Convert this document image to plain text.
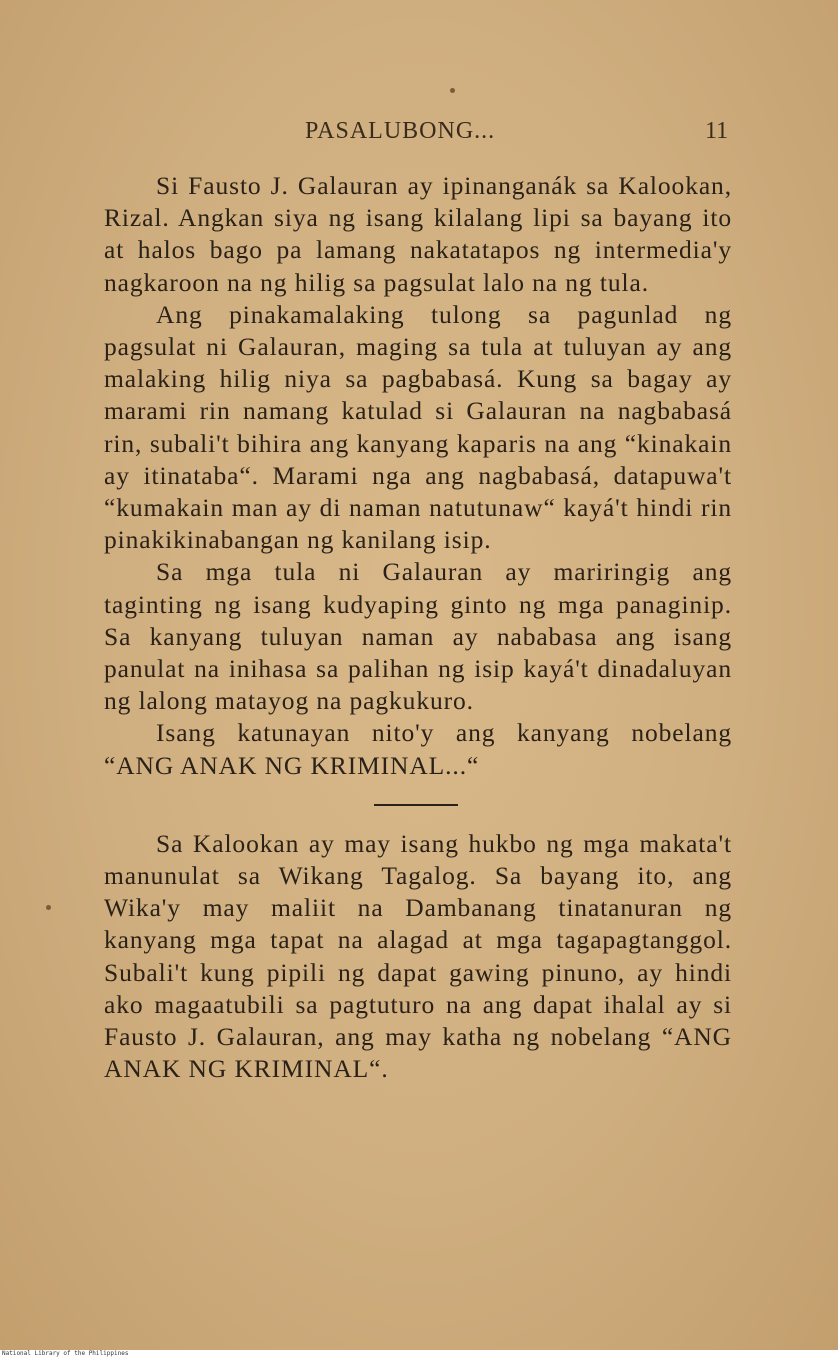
PASALUBONG...	11

Si Fausto J. Galauran ay ipinanganák sa Kalookan, Rizal. Angkan siya ng isang kilalang lipi sa bayang ito at halos bago pa lamang nakatatapos ng intermedia'y nagkaroon na ng hilig sa pagsulat lalo na ng tula.

Ang pinakamalaking tulong sa pagunlad ng pagsulat ni Galauran, maging sa tula at tuluyan ay ang malaking hilig niya sa pagbabasá. Kung sa bagay ay marami rin namang katulad si Galauran na nagbabasá rin, subali't bihira ang kanyang kaparis na ang “kinakain ay itinataba“. Marami nga ang nagbabasá, datapuwa't “kumakain man ay di naman natutunaw“ kayá't hindi rin pinakikinabangan ng kanilang isip.

Sa mga tula ni Galauran ay mariringig ang taginting ng isang kudyaping ginto ng mga panaginip. Sa kanyang tuluyan naman ay nababasa ang isang panulat na inihasa sa palihan ng isip kayá't dinadaluyan ng lalong matayog na pagkukuro.

Isang katunayan nito'y ang kanyang nobelang “ANG ANAK NG KRIMINAL...“

Sa Kalookan ay may isang hukbo ng mga makata't manunulat sa Wikang Tagalog. Sa bayang ito, ang Wika'y may maliit na Dambanang tinatanuran ng kanyang mga tapat na alagad at mga tagapagtanggol. Subali't kung pipili ng dapat gawing pinuno, ay hindi ako magaatubili sa pagtuturo na ang dapat ihalal ay si Fausto J. Galauran, ang may katha ng nobelang “ANG ANAK NG KRIMINAL“.

National Library of the Philippines
